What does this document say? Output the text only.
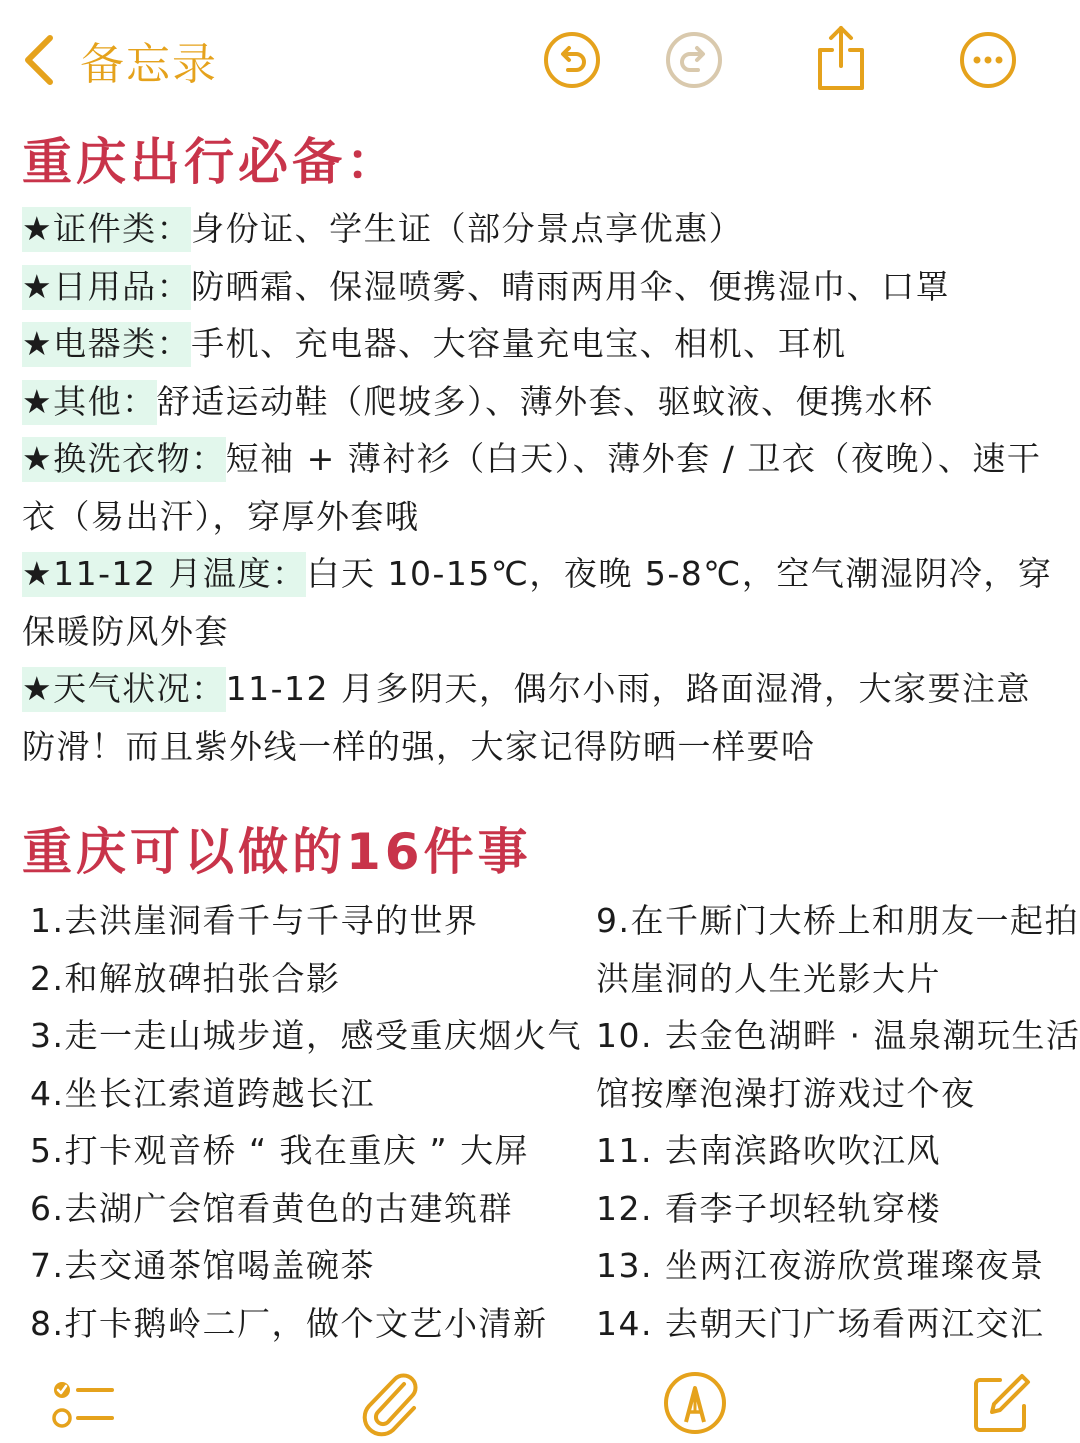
备忘录
重庆出行必备：

★证件类：身份证、学生证（部分景点享优惠）

★日用品：防晒霜、保湿喷雾、晴雨两用伞、便携湿巾、口罩

★电器类：手机、充电器、大容量充电宝、相机、耳机

★其他：舒适运动鞋（爬坡多）、薄外套、驱蚊液、便携水杯

★换洗衣物：短袖 + 薄衬衫（白天）、薄外套 / 卫衣（夜晚）、速干衣（易出汗），穿厚外套哦

★11-12 月温度：白天 10-15℃，夜晚 5-8℃，空气潮湿阴冷，穿保暖防风外套

★天气状况：11-12 月多阴天，偶尔小雨，路面湿滑，大家要注意防滑！而且紫外线一样的强，大家记得防晒一样要哈

重庆可以做的16件事

1.去洪崖洞看千与千寻的世界

2.和解放碑拍张合影

3.走一走山城步道，感受重庆烟火气

4.坐长江索道跨越长江

5.打卡观音桥 “ 我在重庆 ” 大屏

6.去湖广会馆看黄色的古建筑群

7.去交通茶馆喝盖碗茶

8.打卡鹅岭二厂，做个文艺小清新

9.在千厮门大桥上和朋友一起拍

洪崖洞的人生光影大片

10. 去金色湖畔 · 温泉潮玩生活

馆按摩泡澡打游戏过个夜

11. 去南滨路吹吹江风

12. 看李子坝轻轨穿楼

13. 坐两江夜游欣赏璀璨夜景

14. 去朝天门广场看两江交汇
